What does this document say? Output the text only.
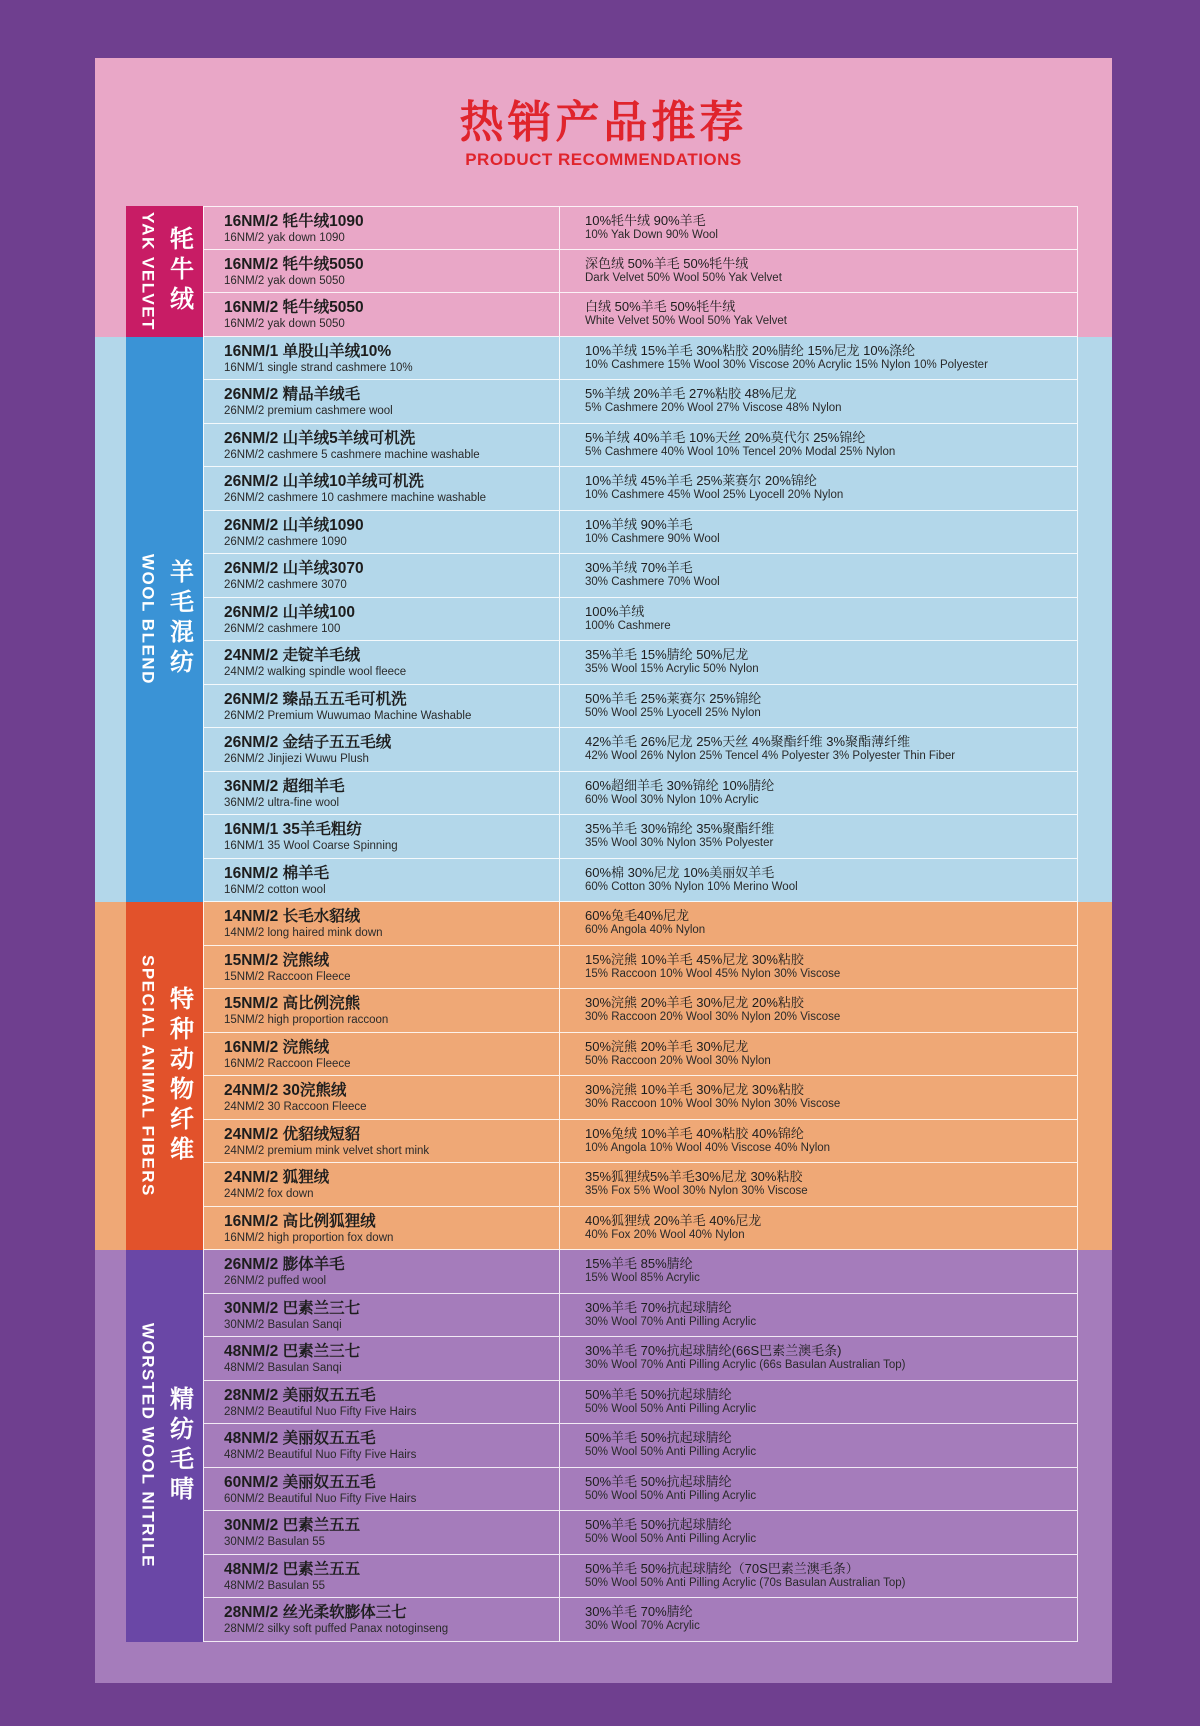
热销产品推荐
PRODUCT RECOMMENDATIONS
牦牛绒
YAK VELVET
羊毛混纺
WOOL BLEND
特种动物纤维
SPECIAL ANIMAL FIBERS
精纺毛晴
WORSTED WOOL NITRILE
16NM/2 牦牛绒1090
16NM/2 yak down 1090
10%牦牛绒 90%羊毛
10% Yak Down 90% Wool
16NM/2 牦牛绒5050
16NM/2 yak down 5050
深色绒 50%羊毛 50%牦牛绒
Dark Velvet 50% Wool 50% Yak Velvet
16NM/2 牦牛绒5050
16NM/2 yak down 5050
白绒 50%羊毛 50%牦牛绒
White Velvet 50% Wool 50% Yak Velvet
16NM/1 单股山羊绒10%
16NM/1 single strand cashmere 10%
10%羊绒 15%羊毛 30%粘胶 20%腈纶 15%尼龙 10%涤纶
10% Cashmere 15% Wool 30% Viscose 20% Acrylic 15% Nylon 10% Polyester
26NM/2 精品羊绒毛
26NM/2 premium cashmere wool
5%羊绒 20%羊毛 27%粘胶 48%尼龙
5% Cashmere 20% Wool 27% Viscose 48% Nylon
26NM/2 山羊绒5羊绒可机洗
26NM/2 cashmere 5 cashmere machine washable
5%羊绒 40%羊毛 10%天丝 20%莫代尔 25%锦纶
5% Cashmere 40% Wool 10% Tencel 20% Modal 25% Nylon
26NM/2 山羊绒10羊绒可机洗
26NM/2 cashmere 10 cashmere machine washable
10%羊绒 45%羊毛 25%莱赛尔 20%锦纶
10% Cashmere 45% Wool 25% Lyocell 20% Nylon
26NM/2 山羊绒1090
26NM/2 cashmere 1090
10%羊绒 90%羊毛
10% Cashmere 90% Wool
26NM/2 山羊绒3070
26NM/2 cashmere 3070
30%羊绒 70%羊毛
30% Cashmere 70% Wool
26NM/2 山羊绒100
26NM/2 cashmere 100
100%羊绒
100% Cashmere
24NM/2 走锭羊毛绒
24NM/2 walking spindle wool fleece
35%羊毛 15%腈纶 50%尼龙
35% Wool 15% Acrylic 50% Nylon
26NM/2 臻品五五毛可机洗
26NM/2 Premium Wuwumao Machine Washable
50%羊毛 25%莱赛尔 25%锦纶
50% Wool 25% Lyocell 25% Nylon
26NM/2 金结子五五毛绒
26NM/2 Jinjiezi Wuwu Plush
42%羊毛 26%尼龙 25%天丝 4%聚酯纤维 3%聚酯薄纤维
42% Wool 26% Nylon 25% Tencel 4% Polyester 3% Polyester Thin Fiber
36NM/2 超细羊毛
36NM/2 ultra-fine wool
60%超细羊毛 30%锦纶 10%腈纶
60% Wool 30% Nylon 10% Acrylic
16NM/1 35羊毛粗纺
16NM/1 35 Wool Coarse Spinning
35%羊毛 30%锦纶 35%聚酯纤维
35% Wool 30% Nylon 35% Polyester
16NM/2 棉羊毛
16NM/2 cotton wool
60%棉 30%尼龙 10%美丽奴羊毛
60% Cotton 30% Nylon 10% Merino Wool
14NM/2 长毛水貂绒
14NM/2 long haired mink down
60%兔毛40%尼龙
60% Angola 40% Nylon
15NM/2 浣熊绒
15NM/2 Raccoon Fleece
15%浣熊 10%羊毛 45%尼龙 30%粘胶
15% Raccoon 10% Wool 45% Nylon 30% Viscose
15NM/2 高比例浣熊
15NM/2 high proportion raccoon
30%浣熊 20%羊毛 30%尼龙 20%粘胶
30% Raccoon 20% Wool 30% Nylon 20% Viscose
16NM/2 浣熊绒
16NM/2 Raccoon Fleece
50%浣熊 20%羊毛 30%尼龙
50% Raccoon 20% Wool 30% Nylon
24NM/2 30浣熊绒
24NM/2 30 Raccoon Fleece
30%浣熊 10%羊毛 30%尼龙 30%粘胶
30% Raccoon 10% Wool 30% Nylon 30% Viscose
24NM/2 优貂绒短貂
24NM/2 premium mink velvet short mink
10%兔绒 10%羊毛 40%粘胶 40%锦纶
10% Angola 10% Wool 40% Viscose 40% Nylon
24NM/2 狐狸绒
24NM/2 fox down
35%狐狸绒5%羊毛30%尼龙 30%粘胶
35% Fox 5% Wool 30% Nylon 30% Viscose
16NM/2 高比例狐狸绒
16NM/2 high proportion fox down
40%狐狸绒 20%羊毛 40%尼龙
40% Fox 20% Wool 40% Nylon
26NM/2 膨体羊毛
26NM/2 puffed wool
15%羊毛 85%腈纶
15% Wool 85% Acrylic
30NM/2 巴素兰三七
30NM/2 Basulan Sanqi
30%羊毛 70%抗起球腈纶
30% Wool 70% Anti Pilling Acrylic
48NM/2 巴素兰三七
48NM/2 Basulan Sanqi
30%羊毛 70%抗起球腈纶(66S巴素兰澳毛条)
30% Wool 70% Anti Pilling Acrylic (66s Basulan Australian Top)
28NM/2 美丽奴五五毛
28NM/2 Beautiful Nuo Fifty Five Hairs
50%羊毛 50%抗起球腈纶
50% Wool 50% Anti Pilling Acrylic
48NM/2 美丽奴五五毛
48NM/2 Beautiful Nuo Fifty Five Hairs
50%羊毛 50%抗起球腈纶
50% Wool 50% Anti Pilling Acrylic
60NM/2 美丽奴五五毛
60NM/2 Beautiful Nuo Fifty Five Hairs
50%羊毛 50%抗起球腈纶
50% Wool 50% Anti Pilling Acrylic
30NM/2 巴素兰五五
30NM/2 Basulan 55
50%羊毛 50%抗起球腈纶
50% Wool 50% Anti Pilling Acrylic
48NM/2 巴素兰五五
48NM/2 Basulan 55
50%羊毛 50%抗起球腈纶（70S巴素兰澳毛条）
50% Wool 50% Anti Pilling Acrylic (70s Basulan Australian Top)
28NM/2 丝光柔软膨体三七
28NM/2 silky soft puffed Panax notoginseng
30%羊毛 70%腈纶
30% Wool 70% Acrylic
